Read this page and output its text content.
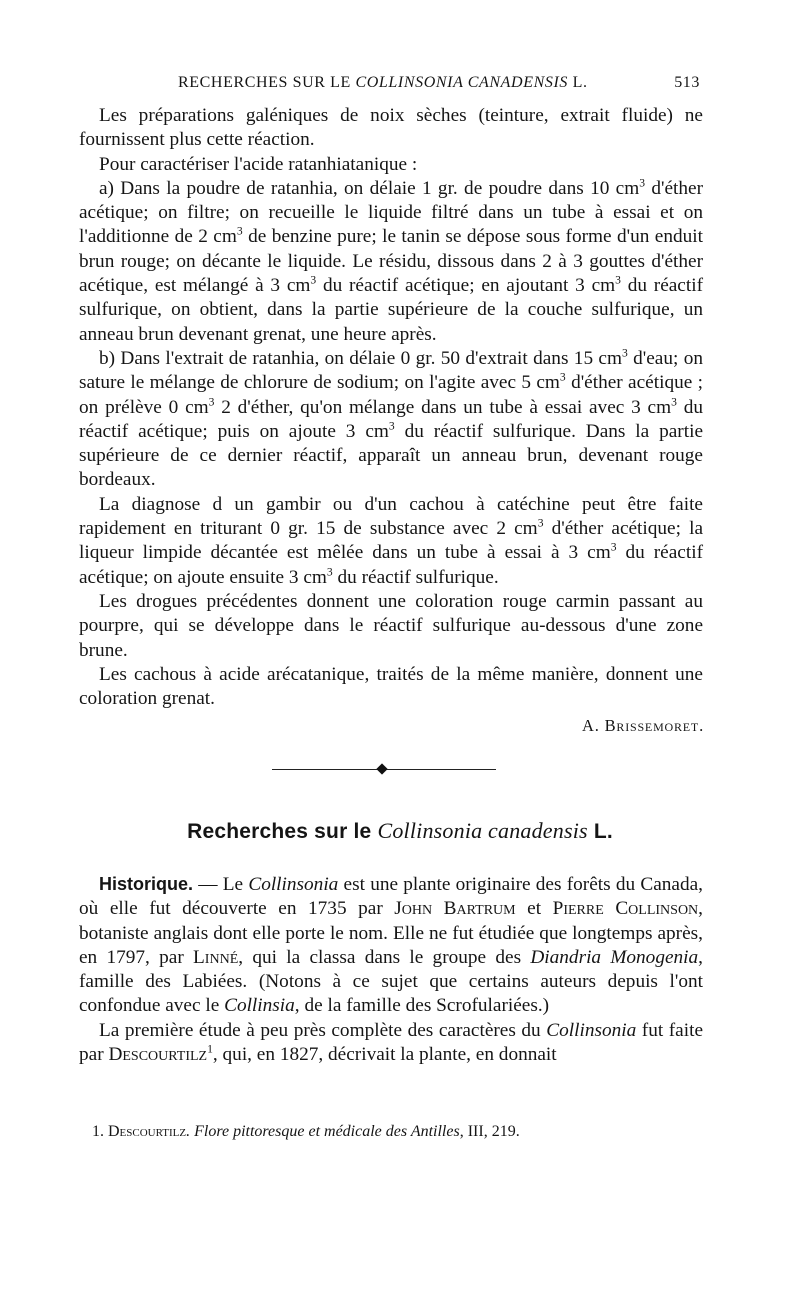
RECHERCHES SUR LE COLLINSONIA CANADENSIS L.	513

Les préparations galéniques de noix sèches (teinture, extrait fluide) ne fournissent plus cette réaction.

Pour caractériser l'acide ratanhiatanique :

a) Dans la poudre de ratanhia, on délaie 1 gr. de poudre dans 10 $cm^3$ d'éther acétique; on filtre; on recueille le liquide filtré dans un tube à essai et on l'additionne de 2 $cm^3$ de benzine pure; le tanin se dépose sous forme d'un enduit brun rouge; on décante le liquide. Le résidu, dissous dans 2 à 3 gouttes d'éther acétique, est mélangé à 3 $cm^3$ du réactif acétique; en ajoutant 3 $cm^3$ du réactif sulfurique, on obtient, dans la partie supérieure de la couche sulfurique, un anneau brun devenant grenat, une heure après.

b) Dans l'extrait de ratanhia, on délaie 0 gr. 50 d'extrait dans 15 $cm^3$ d'eau; on sature le mélange de chlorure de sodium; on l'agite avec 5 $cm^3$ d'éther acétique ; on prélève 0 $cm^3$ 2 d'éther, qu'on mélange dans un tube à essai avec 3 $cm^3$ du réactif acétique; puis on ajoute 3 $cm^3$ du réactif sulfurique. Dans la partie supérieure de ce dernier réactif, apparaît un anneau brun, devenant rouge bordeaux.

La diagnose d un gambir ou d'un cachou à catéchine peut être faite rapidement en triturant 0 gr. 15 de substance avec 2 $cm^3$ d'éther acétique; la liqueur limpide décantée est mêlée dans un tube à essai à 3 $cm^3$ du réactif acétique; on ajoute ensuite 3 $cm^3$ du réactif sulfurique.

Les drogues précédentes donnent une coloration rouge carmin passant au pourpre, qui se développe dans le réactif sulfurique au-dessous d'une zone brune.

Les cachous à acide arécatanique, traités de la même manière, donnent une coloration grenat.

A. Brissemoret.
Recherches sur le Collinsonia canadensis L.

Historique. — Le Collinsonia est une plante originaire des forêts du Canada, où elle fut découverte en 1735 par John Bartrum et Pierre Collinson, botaniste anglais dont elle porte le nom. Elle ne fut étudiée que longtemps après, en 1797, par Linné, qui la classa dans le groupe des Diandria Monogenia, famille des Labiées. (Notons à ce sujet que certains auteurs depuis l'ont confondue avec le Collinsia, de la famille des Scrofulariées.)

La première étude à peu près complète des caractères du Collinsonia fut faite par Descourtilz$^1$, qui, en 1827, décrivait la plante, en donnait

1. Descourtilz. Flore pittoresque et médicale des Antilles, III, 219.
